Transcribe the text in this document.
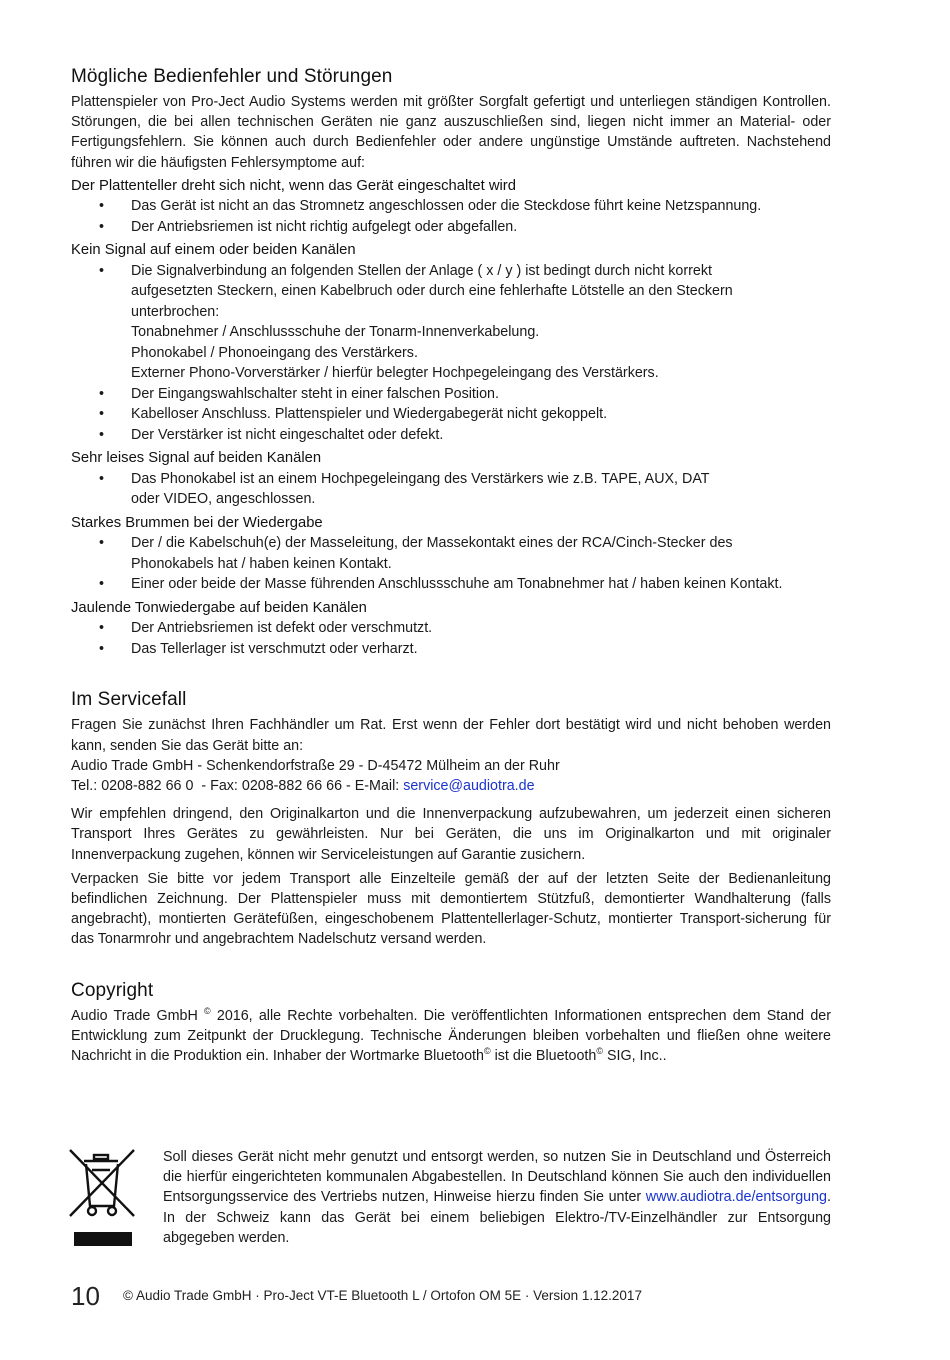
Mögliche Bedienfehler und Störungen

Plattenspieler von Pro-Ject Audio Systems werden mit größter Sorgfalt gefertigt und unterliegen ständigen Kontrollen. Störungen, die bei allen technischen Geräten nie ganz auszuschließen sind, liegen nicht immer an Material- oder Fertigungsfehlern. Sie können auch durch Bedienfehler oder andere ungünstige Umstände auftreten. Nachstehend führen wir die häufigsten Fehlersymptome auf:

Der Plattenteller dreht sich nicht, wenn das Gerät eingeschaltet wird
• Das Gerät ist nicht an das Stromnetz angeschlossen oder die Steckdose führt keine Netzspannung.
• Der Antriebsriemen ist nicht richtig aufgelegt oder abgefallen.
Kein Signal auf einem oder beiden Kanälen
• Die Signalverbindung an folgenden Stellen der Anlage ( x / y ) ist bedingt durch nicht korrekt
aufgesetzten Steckern, einen Kabelbruch oder durch eine fehlerhafte Lötstelle an den Steckern
unterbrochen:
Tonabnehmer / Anschlussschuhe der Tonarm-Innenverkabelung.
Phonokabel / Phonoeingang des Verstärkers.
Externer Phono-Vorverstärker / hierfür belegter Hochpegeleingang des Verstärkers.
• Der Eingangswahlschalter steht in einer falschen Position.
• Kabelloser Anschluss. Plattenspieler und Wiedergabegerät nicht gekoppelt.
• Der Verstärker ist nicht eingeschaltet oder defekt.
Sehr leises Signal auf beiden Kanälen
• Das Phonokabel ist an einem Hochpegeleingang des Verstärkers wie z.B. TAPE, AUX, DAT
oder VIDEO, angeschlossen.
Starkes Brummen bei der Wiedergabe
• Der / die Kabelschuh(e) der Masseleitung, der Massekontakt eines der RCA/Cinch-Stecker des
Phonokabels hat / haben keinen Kontakt.
• Einer oder beide der Masse führenden Anschlussschuhe am Tonabnehmer hat / haben keinen Kontakt.
Jaulende Tonwiedergabe auf beiden Kanälen
• Der Antriebsriemen ist defekt oder verschmutzt.
• Das Tellerlager ist verschmutzt oder verharzt.
Im Servicefall

Fragen Sie zunächst Ihren Fachhändler um Rat. Erst wenn der Fehler dort bestätigt wird und nicht behoben werden kann, senden Sie das Gerät bitte an:

Audio Trade GmbH - Schenkendorfstraße 29 - D-45472 Mülheim an der Ruhr

Tel.: 0208-882 66 0  - Fax: 0208-882 66 66 - E-Mail: service@audiotra.de

Wir empfehlen dringend, den Originalkarton und die Innenverpackung aufzubewahren, um jederzeit einen sicheren Transport Ihres Gerätes zu gewährleisten. Nur bei Geräten, die uns im Originalkarton und mit originaler Innenverpackung zugehen, können wir Serviceleistungen auf Garantie zusichern.

Verpacken Sie bitte vor jedem Transport alle Einzelteile gemäß der auf der letzten Seite der Bedienanleitung befindlichen Zeichnung. Der Plattenspieler muss mit demontiertem Stützfuß, demontierter Wandhalterung (falls angebracht), montierten Gerätefüßen, eingeschobenem Plattentellerlager-Schutz, montierter Transport-sicherung für das Tonarmrohr und angebrachtem Nadelschutz versand werden.

Copyright

Audio Trade GmbH © 2016, alle Rechte vorbehalten. Die veröffentlichten Informationen entsprechen dem Stand der Entwicklung zum Zeitpunkt der Drucklegung. Technische Änderungen bleiben vorbehalten und fließen ohne weitere Nachricht in die Produktion ein. Inhaber der Wortmarke Bluetooth© ist die Bluetooth© SIG, Inc..

Soll dieses Gerät nicht mehr genutzt und entsorgt werden, so nutzen Sie in Deutschland und Österreich die hierfür eingerichteten kommunalen Abgabestellen. In Deutschland können Sie auch den individuellen Entsorgungsservice des Vertriebs nutzen, Hinweise hierzu finden Sie unter www.audiotra.de/entsorgung. In der Schweiz kann das Gerät bei einem beliebigen Elektro-/TV-Einzelhändler zur Entsorgung abgegeben werden.

10 © Audio Trade GmbH · Pro-Ject VT-E Bluetooth L / Ortofon OM 5E · Version 1.12.2017
